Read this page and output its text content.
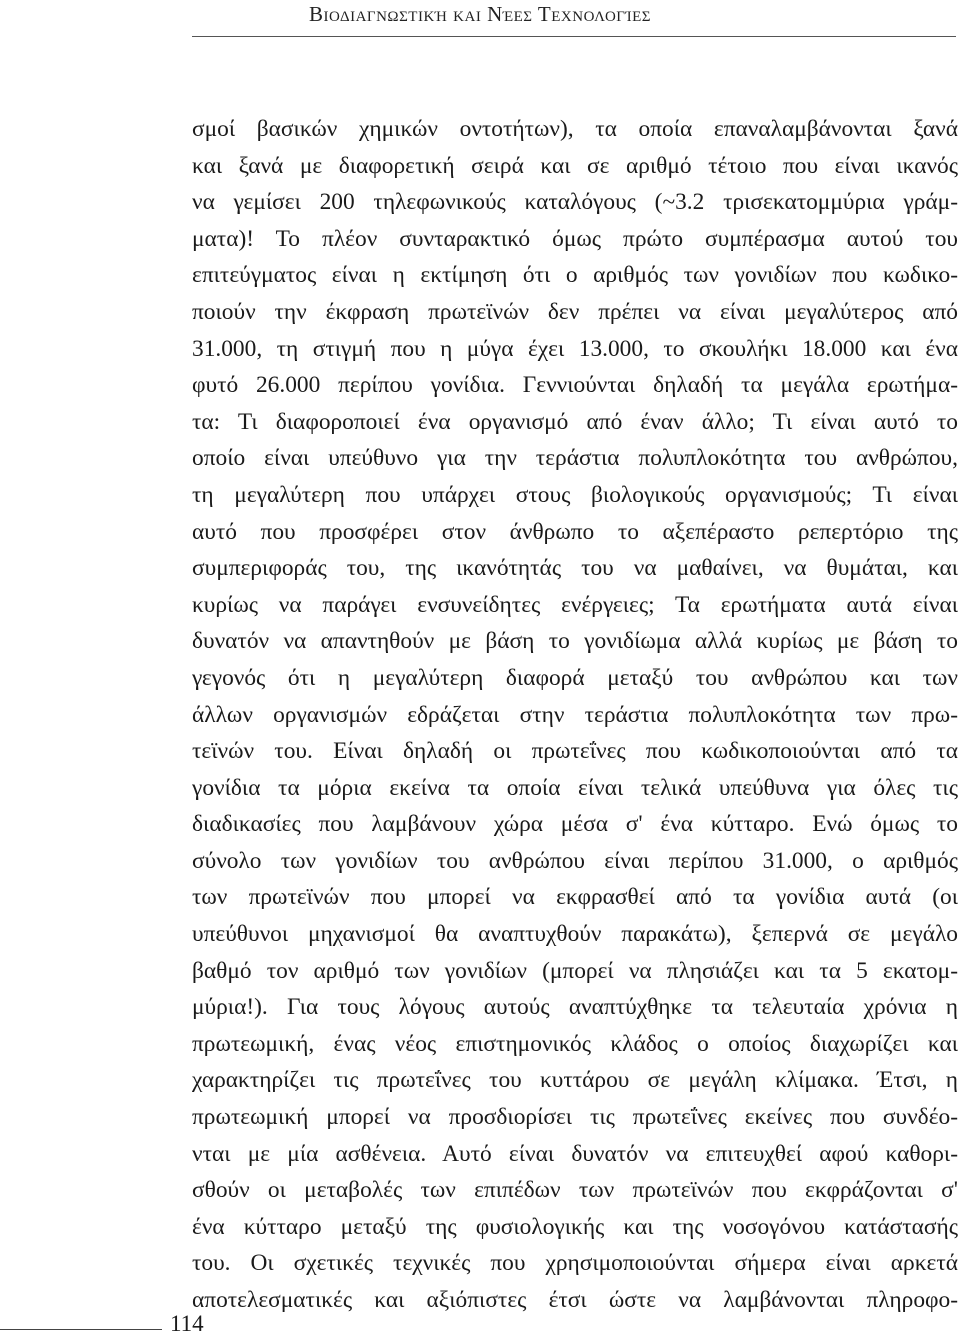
Βιοδιαγνωστική και Νέες Τεχνολογίες
σμοί βασικών χημικών οντοτήτων), τα οποία επαναλαμβάνονται ξανά
και ξανά με διαφορετική σειρά και σε αριθμό τέτοιο που είναι ικανός
να γεμίσει 200 τηλεφωνικούς καταλόγους (~3.2 τρισεκατομμύρια γράμ-
ματα)! Το πλέον συνταρακτικό όμως πρώτο συμπέρασμα αυτού του
επιτεύγματος είναι η εκτίμηση ότι ο αριθμός των γονιδίων που κωδικο-
ποιούν την έκφραση πρωτεϊνών δεν πρέπει να είναι μεγαλύτερος από
31.000, τη στιγμή που η μύγα έχει 13.000, το σκουλήκι 18.000 και ένα
φυτό 26.000 περίπου γονίδια. Γεννιούνται δηλαδή τα μεγάλα ερωτήμα-
τα: Τι διαφοροποιεί ένα οργανισμό από έναν άλλο; Τι είναι αυτό το
οποίο είναι υπεύθυνο για την τεράστια πολυπλοκότητα του ανθρώπου,
τη μεγαλύτερη που υπάρχει στους βιολογικούς οργανισμούς; Τι είναι
αυτό που προσφέρει στον άνθρωπο το αξεπέραστο ρεπερτόριο της
συμπεριφοράς του, της ικανότητάς του να μαθαίνει, να θυμάται, και
κυρίως να παράγει ενσυνείδητες ενέργειες; Τα ερωτήματα αυτά είναι
δυνατόν να απαντηθούν με βάση το γονιδίωμα αλλά κυρίως με βάση το
γεγονός ότι η μεγαλύτερη διαφορά μεταξύ του ανθρώπου και των
άλλων οργανισμών εδράζεται στην τεράστια πολυπλοκότητα των πρω-
τεϊνών του. Είναι δηλαδή οι πρωτεΐνες που κωδικοποιούνται από τα
γονίδια τα μόρια εκείνα τα οποία είναι τελικά υπεύθυνα για όλες τις
διαδικασίες που λαμβάνουν χώρα μέσα σ' ένα κύτταρο. Ενώ όμως το
σύνολο των γονιδίων του ανθρώπου είναι περίπου 31.000, ο αριθμός
των πρωτεϊνών που μπορεί να εκφρασθεί από τα γονίδια αυτά (οι
υπεύθυνοι μηχανισμοί θα αναπτυχθούν παρακάτω), ξεπερνά σε μεγάλο
βαθμό τον αριθμό των γονιδίων (μπορεί να πλησιάζει και τα 5 εκατομ-
μύρια!). Για τους λόγους αυτούς αναπτύχθηκε τα τελευταία χρόνια η
πρωτεωμική, ένας νέος επιστημονικός κλάδος ο οποίος διαχωρίζει και
χαρακτηρίζει τις πρωτεΐνες του κυττάρου σε μεγάλη κλίμακα. Έτσι, η
πρωτεωμική μπορεί να προσδιορίσει τις πρωτεΐνες εκείνες που συνδέο-
νται με μία ασθένεια. Αυτό είναι δυνατόν να επιτευχθεί αφού καθορι-
σθούν οι μεταβολές των επιπέδων των πρωτεϊνών που εκφράζονται σ'
ένα κύτταρο μεταξύ της φυσιολογικής και της νοσογόνου κατάστασής
του. Οι σχετικές τεχνικές που χρησιμοποιούνται σήμερα είναι αρκετά
αποτελεσματικές και αξιόπιστες έτσι ώστε να λαμβάνονται πληροφο-
114
